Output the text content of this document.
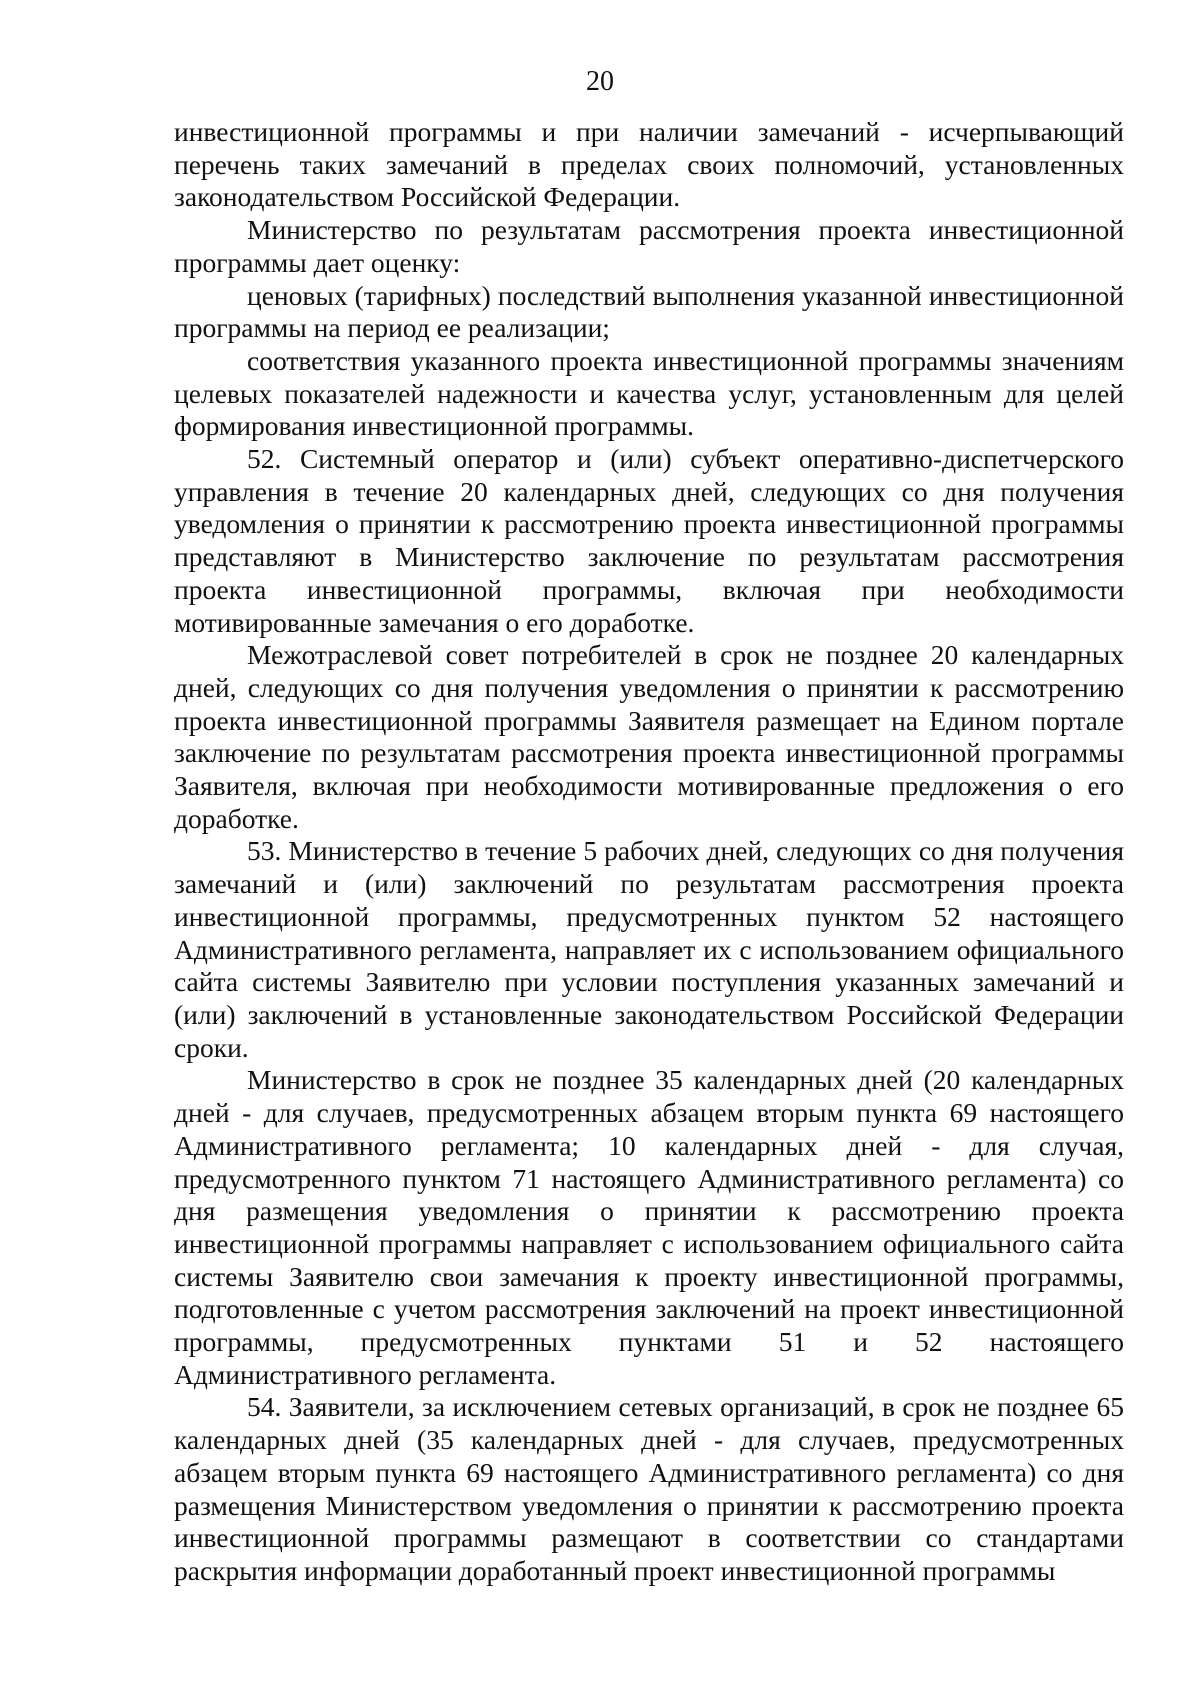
20

инвестиционной программы и при наличии замечаний - исчерпывающий перечень таких замечаний в пределах своих полномочий, установленных законодательством Российской Федерации.

Министерство по результатам рассмотрения проекта инвестиционной программы дает оценку:

ценовых (тарифных) последствий выполнения указанной инвестиционной программы на период ее реализации;

соответствия указанного проекта инвестиционной программы значениям целевых показателей надежности и качества услуг, установленным для целей формирования инвестиционной программы.

52. Системный оператор и (или) субъект оперативно-диспетчерского управления в течение 20 календарных дней, следующих со дня получения уведомления о принятии к рассмотрению проекта инвестиционной программы представляют в Министерство заключение по результатам рассмотрения проекта инвестиционной программы, включая при необходимости мотивированные замечания о его доработке.

Межотраслевой совет потребителей в срок не позднее 20 календарных дней, следующих со дня получения уведомления о принятии к рассмотрению проекта инвестиционной программы Заявителя размещает на Едином портале заключение по результатам рассмотрения проекта инвестиционной программы Заявителя, включая при необходимости мотивированные предложения о его доработке.

53. Министерство в течение 5 рабочих дней, следующих со дня получения замечаний и (или) заключений по результатам рассмотрения проекта инвестиционной программы, предусмотренных пунктом 52 настоящего Административного регламента, направляет их с использованием официального сайта системы Заявителю при условии поступления указанных замечаний и (или) заключений в установленные законодательством Российской Федерации сроки.

Министерство в срок не позднее 35 календарных дней (20 календарных дней - для случаев, предусмотренных абзацем вторым пункта 69 настоящего Административного регламента; 10 календарных дней - для случая, предусмотренного пунктом 71 настоящего Административного регламента) со дня размещения уведомления о принятии к рассмотрению проекта инвестиционной программы направляет с использованием официального сайта системы Заявителю свои замечания к проекту инвестиционной программы, подготовленные с учетом рассмотрения заключений на проект инвестиционной программы, предусмотренных пунктами 51 и 52 настоящего Административного регламента.

54. Заявители, за исключением сетевых организаций, в срок не позднее 65 календарных дней (35 календарных дней - для случаев, предусмотренных абзацем вторым пункта 69 настоящего Административного регламента) со дня размещения Министерством уведомления о принятии к рассмотрению проекта инвестиционной программы размещают в соответствии со стандартами раскрытия информации доработанный проект инвестиционной программы
